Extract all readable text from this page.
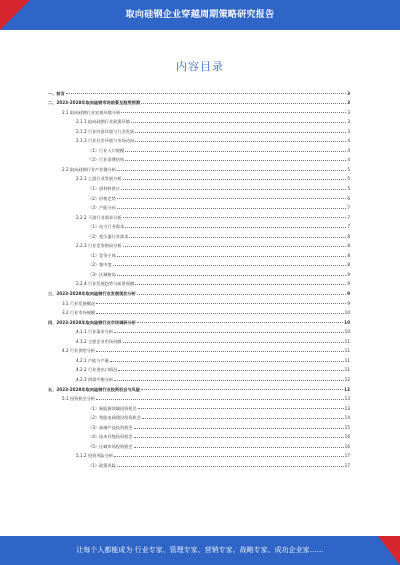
取向硅钢企业穿越周期策略研究报告
内容目录
一、前言	3
二、2023-2028年取向硅钢市场前景及趋势预测	3
2.1 取向硅钢行业宏观环境分析	3
2.1.1 取向硅钢行业政策环境	3
2.1.2 行业经济环境与行业发展	3
2.1.3 行业社会环境与市场动向	4
（1）行业人口规模	4
（2）行业消费结构	4
2.2 取向硅钢行业产业链分析	5
2.2.1 上游行业发展分析	5
（1）原材料供应	5
（2）价格走势	6
（3）产能分布	7
2.2.2 下游行业需求分析	7
（1）电力行业需求	7
（2）变压器行业需求	8
2.2.3 行业竞争格局分析	8
（1）竞争主体	8
（2）集中度	8
（3）区域格局	9
2.2.4 行业发展趋势与前景预测	9
三、2023-2028年取向硅钢行业发展现状分析	9
3.1 行业发展概况	9
3.2 行业市场规模	10
四、2023-2028年取向硅钢行业市场调研分析	10
4.1.1 行业需求分析	10
4.1.2 主要企业市场份额	11
4.2 行业供给分析	11
4.2.1 产能与产量	11
4.2.2 行业进出口情况	11
4.2.3 供需平衡分析	12
五、2023-2028年取向硅钢行业投资机会与风险	12
5.1 投资机会分析	13
（1）新能源领域投资机会	13
（2）智能电网建设投资机会	14
（3）高端产品投资机会	15
（4）技术升级投资机会	16
（5）区域市场投资机会	16
5.1.2 投资风险分析	17
（1）政策风险	17
让每个人都能成为 行业专家、管理专家、营销专家、战略专家、成功企业家……
